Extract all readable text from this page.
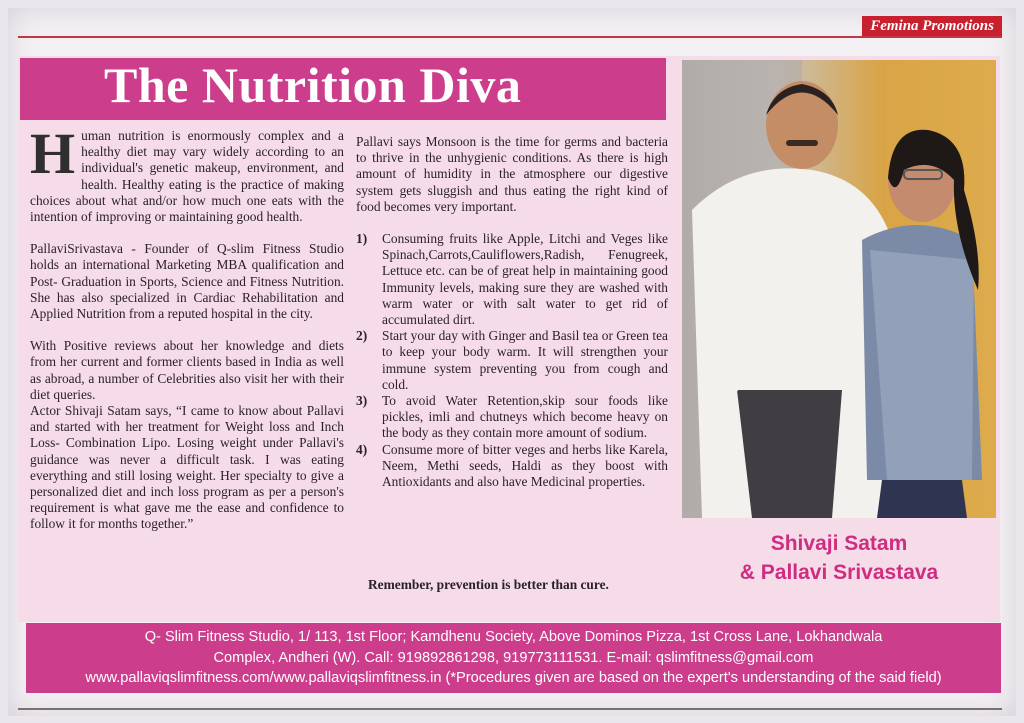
Femina Promotions
The Nutrition Diva

Human nutrition is enormously complex and a healthy diet may vary widely according to an individual's genetic makeup, environment, and health. Healthy eating is the practice of making choices about what and/or how much one eats with the intention of improving or maintaining good health.

PallaviSrivastava - Founder of Q-slim Fitness Studio holds an international Marketing MBA qualification and Post- Graduation in Sports, Science and Fitness Nutrition. She has also specialized in Cardiac Rehabilitation and Applied Nutrition from a reputed hospital in the city.

With Positive reviews about her knowledge and diets from her current and former clients based in India as well as abroad, a number of Celebrities also visit her with their diet queries.

Actor Shivaji Satam says, “I came to know about Pallavi and started with her treatment for Weight loss and Inch Loss- Combination Lipo. Losing weight under Pallavi's guidance was never a difficult task. I was eating everything and still losing weight. Her specialty to give a personalized diet and inch loss program as per a person's requirement is what gave me the ease and confidence to follow it for months together.”

Pallavi says Monsoon is the time for germs and bacteria to thrive in the unhygienic conditions. As there is high amount of humidity in the atmosphere our digestive system gets sluggish and thus eating the right kind of food becomes very important.

1) Consuming fruits like Apple, Litchi and Veges like Spinach,Carrots,Cauliflowers,Radish, Fenugreek, Lettuce etc. can be of great help in maintaining good Immunity levels, making sure they are washed with warm water or with salt water to get rid of accumulated dirt.
2) Start your day with Ginger and Basil tea or Green tea to keep your body warm. It will strengthen your immune system preventing you from cough and cold.
3) To avoid Water Retention,skip sour foods like pickles, imli and chutneys which become heavy on the body as they contain more amount of sodium.
4) Consume more of bitter veges and herbs like Karela, Neem, Methi seeds, Haldi as they boost with Antioxidants and also have Medicinal properties.
Remember, prevention is better than cure.
Shivaji Satam
& Pallavi Srivastava
Q- Slim Fitness Studio, 1/ 113, 1st Floor; Kamdhenu Society, Above Dominos Pizza, 1st Cross Lane, Lokhandwala
Complex, Andheri (W). Call: 919892861298, 919773111531. E-mail: qslimfitness@gmail.com
www.pallaviqslimfitness.com/www.pallaviqslimfitness.in (*Procedures given are based on the expert's understanding of the said field)
